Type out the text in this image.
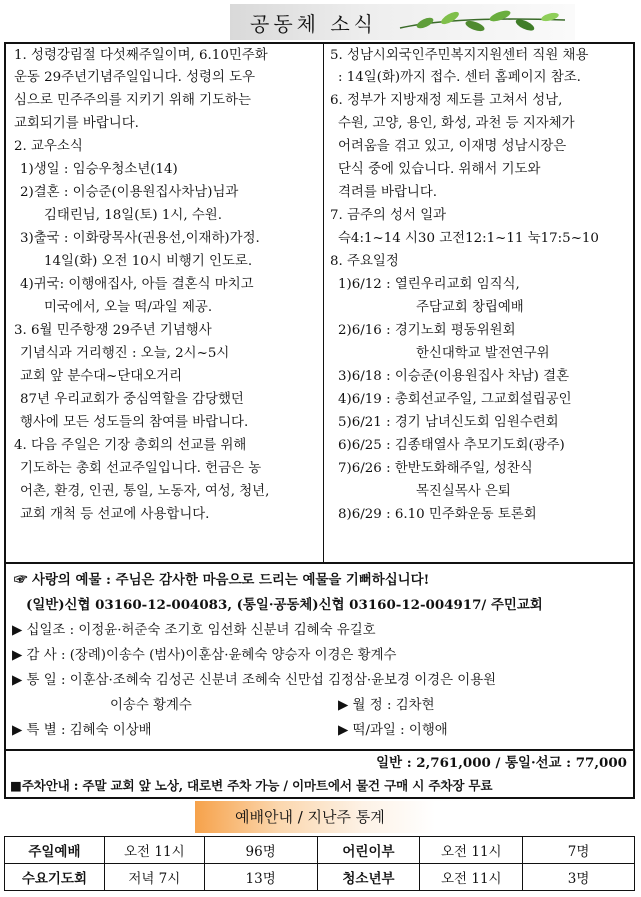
공동체 소식
1. 성령강림절 다섯째주일이며, 6.10민주화
운동 29주년기념주일입니다. 성령의 도우
심으로 민주주의를 지키기 위해 기도하는
교회되기를 바랍니다.
2. 교우소식
1)생일 : 임승우청소년(14)
2)결혼 : 이승준(이용원집사차남)님과
김태린님, 18일(토) 1시, 수원.
3)출국 : 이화랑목사(권용선,이재하)가정.
14일(화) 오전 10시 비행기 인도로.
4)귀국: 이행애집사, 아들 결혼식 마치고
미국에서, 오늘 떡/과일 제공.
3. 6월 민주항쟁 29주년 기념행사
기념식과 거리행진 : 오늘, 2시~5시
교회 앞 분수대~단대오거리
87년 우리교회가 중심역할을 감당했던
행사에 모든 성도들의 참여를 바랍니다.
4. 다음 주일은 기장 총회의 선교를 위해
기도하는 총회 선교주일입니다. 헌금은 농
어촌, 환경, 인권, 통일, 노동자, 여성, 청년,
교회 개척 등 선교에 사용합니다.
5. 성남시외국인주민복지지원센터 직원 채용
: 14일(화)까지 접수. 센터 홈페이지 참조.
6. 정부가 지방재정 제도를 고쳐서 성남,
수원, 고양, 용인, 화성, 과천 등 지자체가
어려움을 겪고 있고, 이재명 성남시장은
단식 중에 있습니다. 위해서 기도와
격려를 바랍니다.
7. 금주의 성서 일과
슥4:1~14 시30 고전12:1~11 눅17:5~10
8. 주요일정
1)6/12 : 열린우리교회 임직식,
주담교회 창립예배
2)6/16 : 경기노회 평동위원회
한신대학교 발전연구위
3)6/18 : 이승준(이용원집사 차남) 결혼
4)6/19 : 총회선교주일, 그교회설립공인
5)6/21 : 경기 남녀신도회 임원수련회
6)6/25 : 김종태열사 추모기도회(광주)
7)6/26 : 한반도화해주일, 성찬식
목진실목사 은퇴
8)6/29 : 6.10 민주화운동 토론회
☞ 사랑의 예물 : 주님은 감사한 마음으로 드리는 예물을 기뻐하십니다!
(일반)신협 03160-12-004083, (통일·공동체)신협 03160-12-004917/ 주민교회
▶ 십일조 : 이정윤·허준숙 조기호 임선화 신분녀 김혜숙 유길호
▶ 감 사 : (장례)이송수 (범사)이훈삼·윤혜숙 양승자 이경은 황계수
▶ 통 일 : 이훈삼·조혜숙 김성곤 신분녀 조혜숙 신만섭 김정삼·윤보경 이경은 이용원
이송수 황계수	▶ 월 정 : 김차현
▶ 특 별 : 김혜숙 이상배	▶ 떡/과일 : 이행애
일반 : 2,761,000 / 통일·선교 : 77,000
■주차안내 : 주말 교회 앞 노상, 대로변 주차 가능 / 이마트에서 물건 구매 시 주차장 무료
예배안내 / 지난주 통계
주일예배	오전 11시	96명	어린이부	오전 11시	7명
수요기도회	저녁 7시	13명	청소년부	오전 11시	3명
